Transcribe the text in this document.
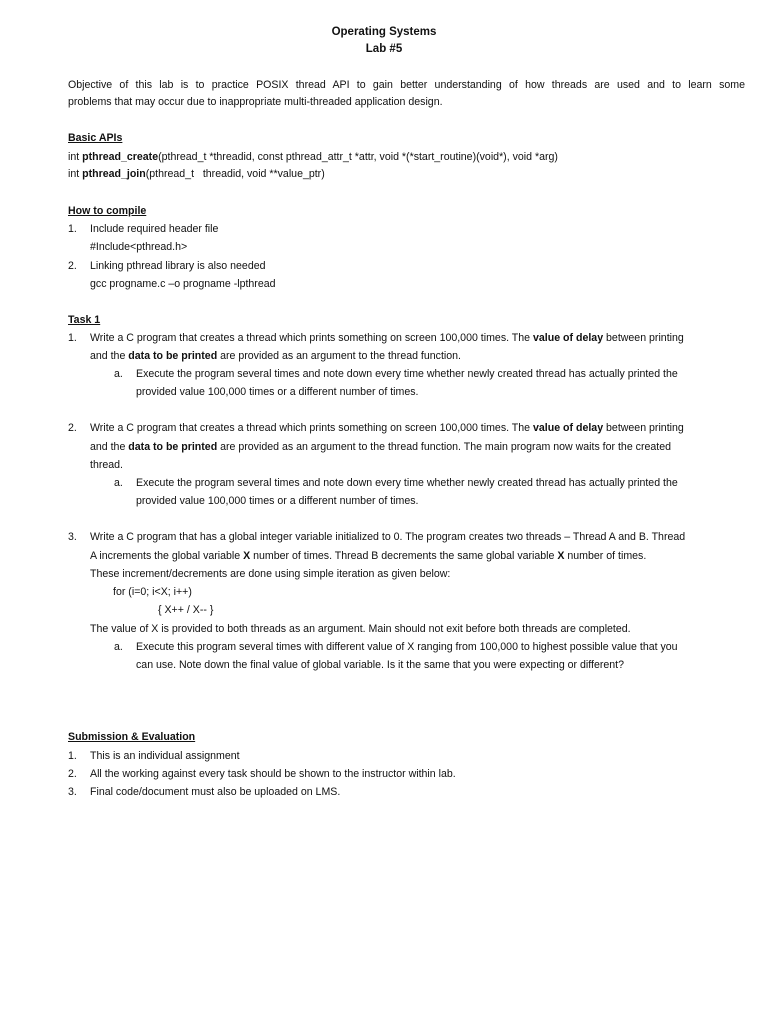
Operating Systems
Lab #5
Objective of this lab is to practice POSIX thread API to gain better understanding of how threads are used and to learn some
problems that may occur due to inappropriate multi-threaded application design.
Basic APIs
int pthread_create(pthread_t *threadid, const pthread_attr_t *attr, void *(*start_routine)(void*), void *arg)
int pthread_join(pthread_t   threadid, void **value_ptr)
How to compile
1. Include required header file
#Include<pthread.h>
2. Linking pthread library is also needed
gcc progname.c –o progname -lpthread
Task 1
1. Write a C program that creates a thread which prints something on screen 100,000 times. The value of delay between printing
and the data to be printed are provided as an argument to the thread function.
a. Execute the program several times and note down every time whether newly created thread has actually printed the
provided value 100,000 times or a different number of times.
2. Write a C program that creates a thread which prints something on screen 100,000 times. The value of delay between printing
and the data to be printed are provided as an argument to the thread function. The main program now waits for the created
thread.
a. Execute the program several times and note down every time whether newly created thread has actually printed the
provided value 100,000 times or a different number of times.
3. Write a C program that has a global integer variable initialized to 0. The program creates two threads – Thread A and B. Thread
A increments the global variable X number of times. Thread B decrements the same global variable X number of times.
These increment/decrements are done using simple iteration as given below:
for (i=0; i<X; i++)
{ X++ / X-- }
The value of X is provided to both threads as an argument. Main should not exit before both threads are completed.
a. Execute this program several times with different value of X ranging from 100,000 to highest possible value that you
can use. Note down the final value of global variable. Is it the same that you were expecting or different?
Submission & Evaluation
1. This is an individual assignment
2. All the working against every task should be shown to the instructor within lab.
3. Final code/document must also be uploaded on LMS.
